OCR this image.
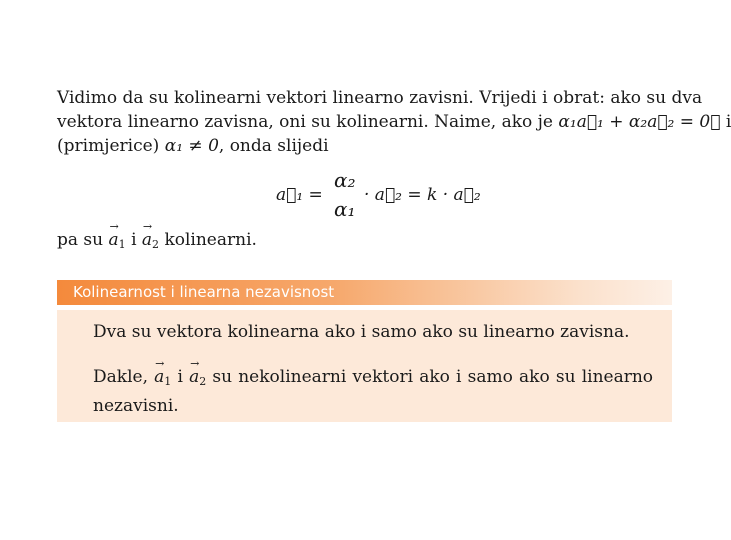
Vidimo da su kolinearni vektori linearno zavisni. Vrijedi i obrat: ako su dva
vektora linearno zavisna, oni su kolinearni. Naime, ako je α₁a⃗₁ + α₂a⃗₂ = 0⃗ i
(primjerice) α₁ ≠ 0, onda slijedi
a⃗₁ =
α₂
α₁
· a⃗₂ = k · a⃗₂
pa su → $a_1$ $i \to a_2$ kolinearni.
Kolinearnost i linearna nezavisnost
Dva su vektora kolinearna ako i samo ako su linearno zavisna.
Dakle, → $a_1$ $i \to a_2$ su nekolinearni vektori ako i samo ako su linearno
nezavisni.
